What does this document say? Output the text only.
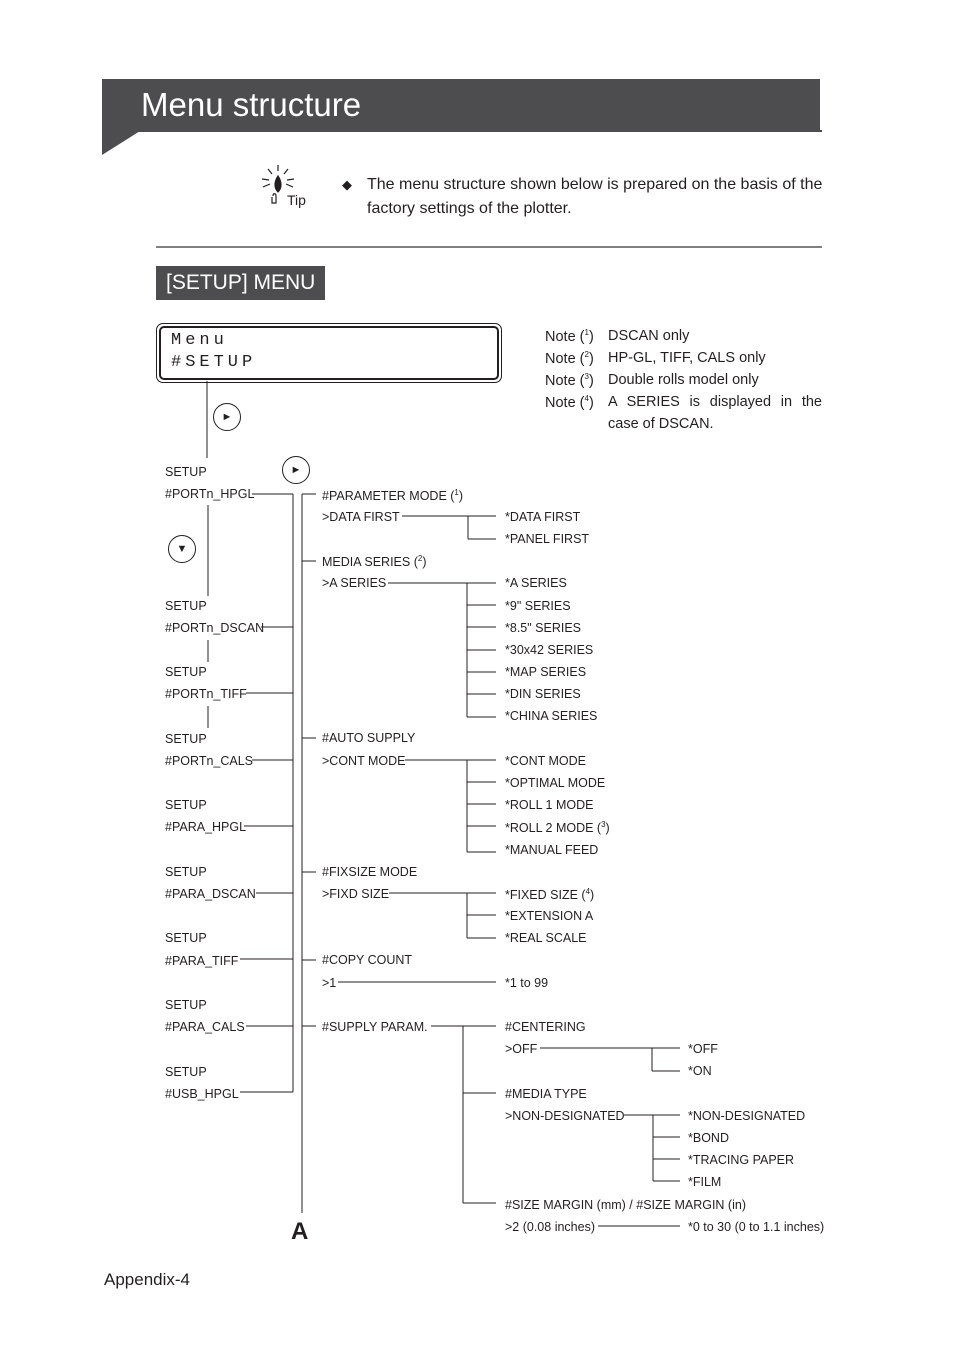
Menu structure
Tip
◆ The menu structure shown below is prepared on the basis of the factory settings of the plotter.
[SETUP] MENU
Menu
#SETUP
Note ($^1$) DSCAN only
Note ($^2$) HP-GL, TIFF, CALS only
Note ($^3$) Double rolls model only
Note ($^4$) A SERIES is displayed in the
case of DSCAN.
►
►
▼
SETUP
#PORTn_HPGL
SETUP
#PORTn_DSCAN
SETUP
#PORTn_TIFF
SETUP
#PORTn_CALS
SETUP
#PARA_HPGL
SETUP
#PARA_DSCAN
SETUP
#PARA_TIFF
SETUP
#PARA_CALS
SETUP
#USB_HPGL
#PARAMETER MODE ($^1$)
>DATA FIRST
MEDIA SERIES ($^2$)
>A SERIES
#AUTO SUPPLY
>CONT MODE
#FIXSIZE MODE
>FIXD SIZE
#COPY COUNT
>1
#SUPPLY PARAM.
*DATA FIRST
*PANEL FIRST
*A SERIES
*9" SERIES
*8.5" SERIES
*30x42 SERIES
*MAP SERIES
*DIN SERIES
*CHINA SERIES
*CONT MODE
*OPTIMAL MODE
*ROLL 1 MODE
*ROLL 2 MODE ($^3$)
*MANUAL FEED
*FIXED SIZE ($^4$)
*EXTENSION A
*REAL SCALE
*1 to 99
#CENTERING
>OFF	*OFF
*ON
#MEDIA TYPE
>NON-DESIGNATED	*NON-DESIGNATED
*BOND
*TRACING PAPER
*FILM
#SIZE MARGIN (mm) / #SIZE MARGIN (in)
>2 (0.08 inches)	*0 to 30 (0 to 1.1 inches)
A
Appendix-4
